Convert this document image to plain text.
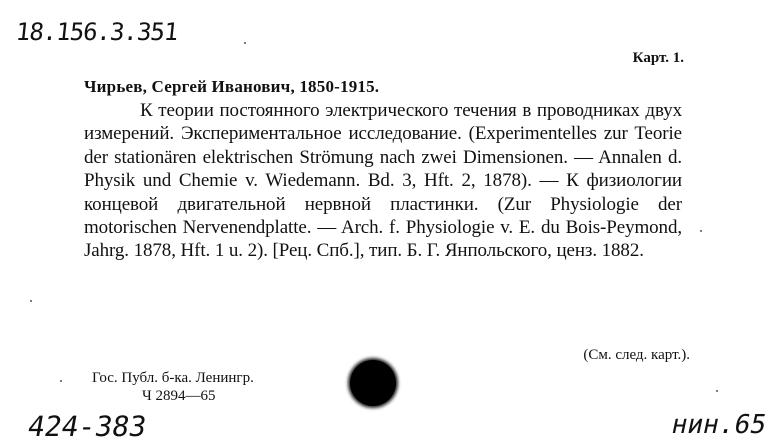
18.156.3.351
Карт. 1.
Чирьев, Сергей Иванович, 1850-1915.
К теории постоянного электрического течения в проводниках двух измерений. Экспериментальное исследование. (Experimentelles zur Teorie der stationären elektrischen Strömung nach zwei Dimensionen. — Annalen d. Physik und Chemie v. Wiedemann. Bd. 3, Hft. 2, 1878). — К физиологии концевой двигательной нервной пластинки. (Zur Physiologie der motorischen Nervenendplatte. — Arch. f. Physiologie v. E. du Bois-Peymond, Jahrg. 1878, Hft. 1 u. 2). [Рец. Спб.], тип. Б. Г. Янпольского, ценз. 1882.
(См. след. карт.).
Гос. Публ. б-ка. Ленингр.
Ч 2894—65
424-383	нин.65
